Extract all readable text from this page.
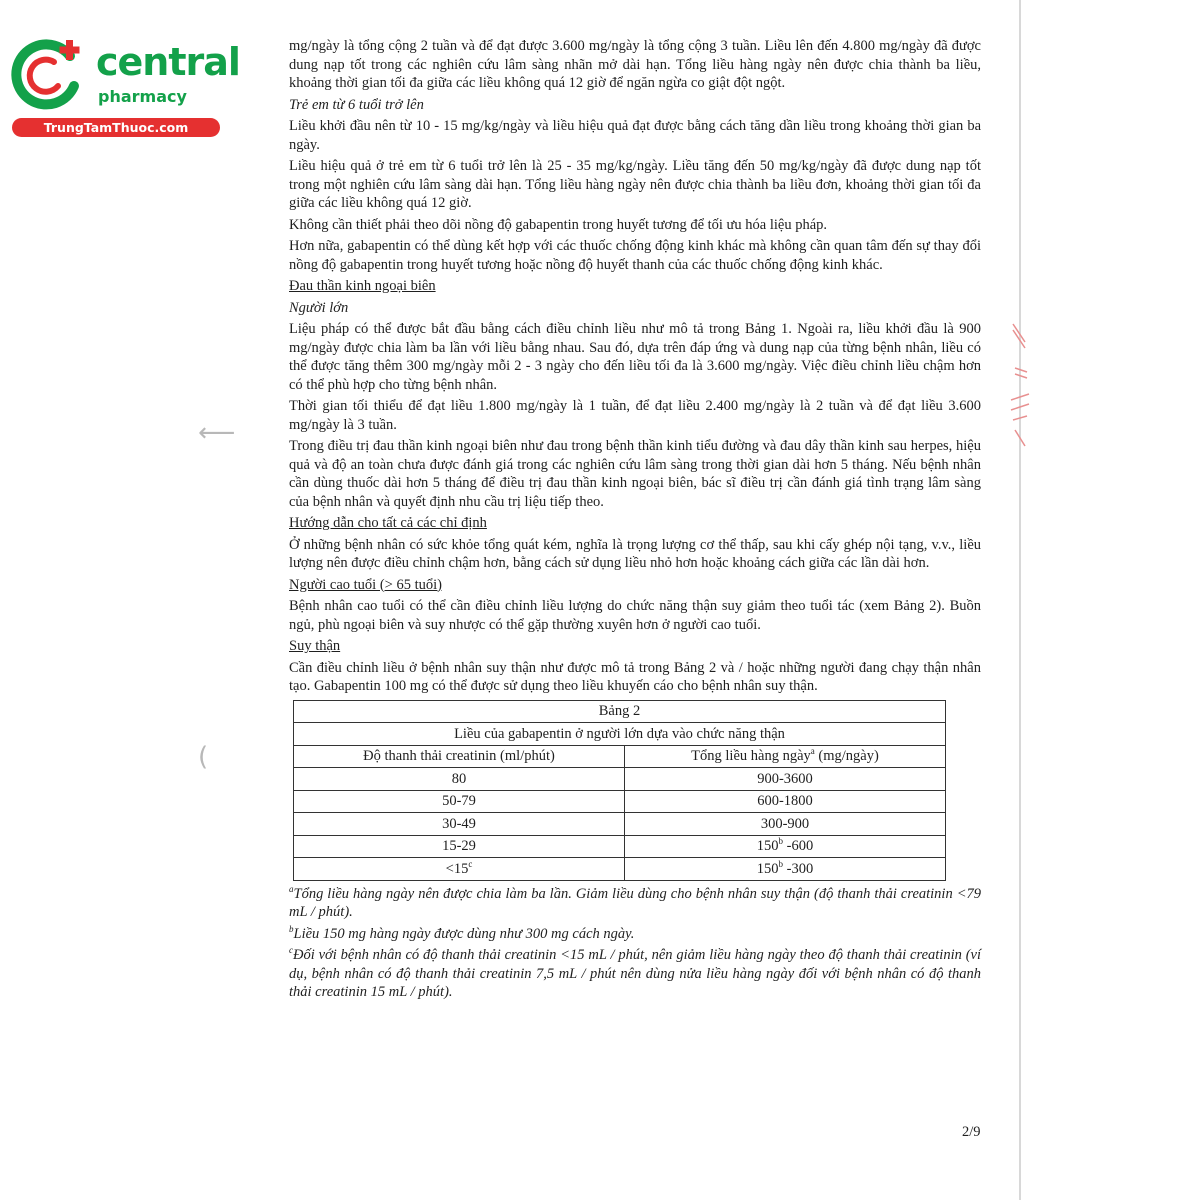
central
pharmacy
TrungTamThuoc.com
⟵
(

mg/ngày là tổng cộng 2 tuần và để đạt được 3.600 mg/ngày là tổng cộng 3 tuần. Liều lên đến 4.800 mg/ngày đã được dung nạp tốt trong các nghiên cứu lâm sàng nhãn mở dài hạn. Tổng liều hàng ngày nên được chia thành ba liều, khoảng thời gian tối đa giữa các liều không quá 12 giờ để ngăn ngừa co giật đột ngột.

Trẻ em từ 6 tuổi trở lên

Liều khởi đầu nên từ 10 - 15 mg/kg/ngày và liều hiệu quả đạt được bằng cách tăng dần liều trong khoảng thời gian ba ngày.

Liều hiệu quả ở trẻ em từ 6 tuổi trở lên là 25 - 35 mg/kg/ngày. Liều tăng đến 50 mg/kg/ngày đã được dung nạp tốt trong một nghiên cứu lâm sàng dài hạn. Tổng liều hàng ngày nên được chia thành ba liều đơn, khoảng thời gian tối đa giữa các liều không quá 12 giờ.

Không cần thiết phải theo dõi nồng độ gabapentin trong huyết tương để tối ưu hóa liệu pháp.

Hơn nữa, gabapentin có thể dùng kết hợp với các thuốc chống động kinh khác mà không cần quan tâm đến sự thay đổi nồng độ gabapentin trong huyết tương hoặc nồng độ huyết thanh của các thuốc chống động kinh khác.

Đau thần kinh ngoại biên

Người lớn

Liệu pháp có thể được bắt đầu bằng cách điều chỉnh liều như mô tả trong Bảng 1. Ngoài ra, liều khởi đầu là 900 mg/ngày được chia làm ba lần với liều bằng nhau. Sau đó, dựa trên đáp ứng và dung nạp của từng bệnh nhân, liều có thể được tăng thêm 300 mg/ngày mỗi 2 - 3 ngày cho đến liều tối đa là 3.600 mg/ngày. Việc điều chỉnh liều chậm hơn có thể phù hợp cho từng bệnh nhân.

Thời gian tối thiểu để đạt liều 1.800 mg/ngày là 1 tuần, để đạt liều 2.400 mg/ngày là 2 tuần và để đạt liều 3.600 mg/ngày là 3 tuần.

Trong điều trị đau thần kinh ngoại biên như đau trong bệnh thần kinh tiểu đường và đau dây thần kinh sau herpes, hiệu quả và độ an toàn chưa được đánh giá trong các nghiên cứu lâm sàng trong thời gian dài hơn 5 tháng. Nếu bệnh nhân cần dùng thuốc dài hơn 5 tháng để điều trị đau thần kinh ngoại biên, bác sĩ điều trị cần đánh giá tình trạng lâm sàng của bệnh nhân và quyết định nhu cầu trị liệu tiếp theo.

Hướng dẫn cho tất cả các chỉ định

Ở những bệnh nhân có sức khỏe tổng quát kém, nghĩa là trọng lượng cơ thể thấp, sau khi cấy ghép nội tạng, v.v., liều lượng nên được điều chỉnh chậm hơn, bằng cách sử dụng liều nhỏ hơn hoặc khoảng cách giữa các lần dài hơn.

Người cao tuổi (> 65 tuổi)

Bệnh nhân cao tuổi có thể cần điều chỉnh liều lượng do chức năng thận suy giảm theo tuổi tác (xem Bảng 2). Buồn ngủ, phù ngoại biên và suy nhược có thể gặp thường xuyên hơn ở người cao tuổi.

Suy thận

Cần điều chỉnh liều ở bệnh nhân suy thận như được mô tả trong Bảng 2 và / hoặc những người đang chạy thận nhân tạo. Gabapentin 100 mg có thể được sử dụng theo liều khuyến cáo cho bệnh nhân suy thận.

Bảng 2	
Liều của gabapentin ở người lớn dựa vào chức năng thận	
Độ thanh thải creatinin (ml/phút)	Tổng liều hàng ngày$^a$ (mg/ngày)
80	900-3600
50-79	600-1800
30-49	300-900
15-29	150$^b$ -600
$<15^c$	150$^b$ -300

$^a$Tổng liều hàng ngày nên được chia làm ba lần. Giảm liều dùng cho bệnh nhân suy thận (độ thanh thải creatinin <79 mL / phút).

$^b$Liều 150 mg hàng ngày được dùng như 300 mg cách ngày.

$^c$Đối với bệnh nhân có độ thanh thải creatinin <15 mL / phút, nên giảm liều hàng ngày theo độ thanh thải creatinin (ví dụ, bệnh nhân có độ thanh thải creatinin 7,5 mL / phút nên dùng nửa liều hàng ngày đối với bệnh nhân có độ thanh thải creatinin 15 mL / phút).

2/9
